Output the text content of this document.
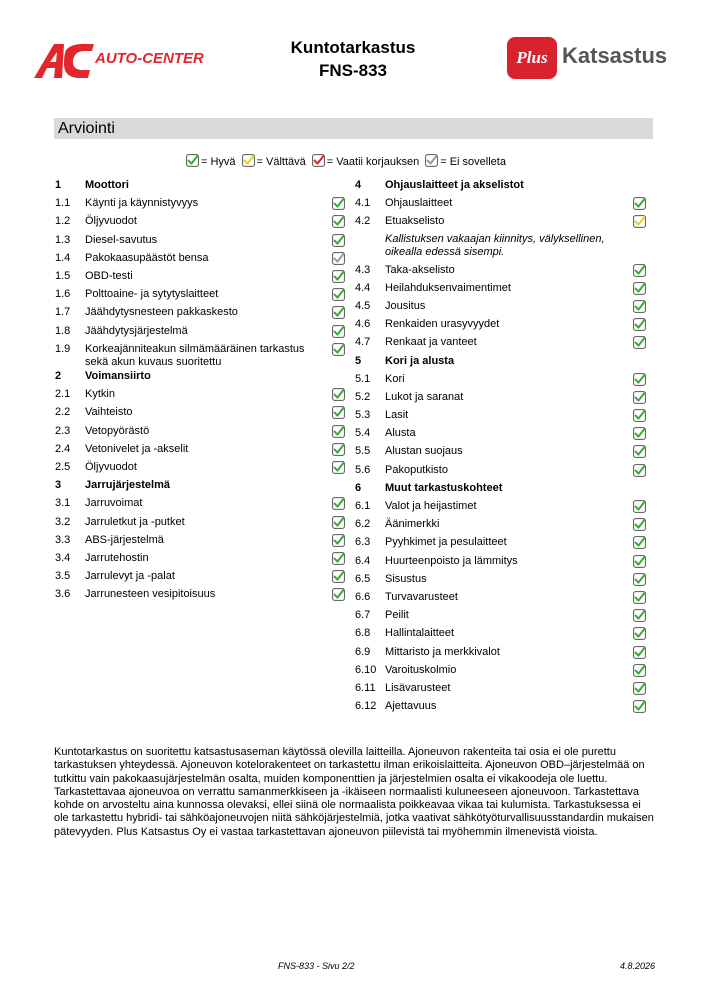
AUTO-CENTER
Kuntotarkastus
FNS-833
Plus Katsastus
Arviointi
= Hyvä = Välttävä = Vaatii korjauksen = Ei sovelleta
1 Moottori
1.1 Käynti ja käynnistyvyys
1.2 Öljyvuodot
1.3 Diesel-savutus
1.4 Pakokaasupäästöt bensa
1.5 OBD-testi
1.6 Polttoaine- ja sytytyslaitteet
1.7 Jäähdytysnesteen pakkaskesto
1.8 Jäähdytysjärjestelmä
1.9 Korkeajänniteakun silmämääräinen tarkastus sekä akun kuvaus suoritettu
2 Voimansiirto
2.1 Kytkin
2.2 Vaihteisto
2.3 Vetopyörästö
2.4 Vetonivelet ja -akselit
2.5 Öljyvuodot
3 Jarrujärjestelmä
3.1 Jarruvoimat
3.2 Jarruletkut ja -putket
3.3 ABS-järjestelmä
3.4 Jarrutehostin
3.5 Jarrulevyt ja -palat
3.6 Jarrunesteen vesipitoisuus
4 Ohjauslaitteet ja akselistot
4.1 Ohjauslaitteet
4.2 Etuakselisto
Kallistuksen vakaajan kiinnitys, välyksellinen, oikealla edessä sisempi.
4.3 Taka-akselisto
4.4 Heilahduksenvaimentimet
4.5 Jousitus
4.6 Renkaiden urasyvyydet
4.7 Renkaat ja vanteet
5 Kori ja alusta
5.1 Kori
5.2 Lukot ja saranat
5.3 Lasit
5.4 Alusta
5.5 Alustan suojaus
5.6 Pakoputkisto
6 Muut tarkastuskohteet
6.1 Valot ja heijastimet
6.2 Äänimerkki
6.3 Pyyhkimet ja pesulaitteet
6.4 Huurteenpoisto ja lämmitys
6.5 Sisustus
6.6 Turvavarusteet
6.7 Peilit
6.8 Hallintalaitteet
6.9 Mittaristo ja merkkivalot
6.10 Varoituskolmio
6.11 Lisävarusteet
6.12 Ajettavuus
Kuntotarkastus on suoritettu katsastusaseman käytössä olevilla laitteilla. Ajoneuvon rakenteita tai osia ei ole purettu tarkastuksen yhteydessä. Ajoneuvon kotelorakenteet on tarkastettu ilman erikoislaitteita. Ajoneuvon OBD–järjestelmää on tutkittu vain pakokaasujärjestelmän osalta, muiden komponenttien ja järjestelmien osalta ei vikakoodeja ole luettu. Tarkastettavaa ajoneuvoa on verrattu samanmerkkiseen ja -ikäiseen normaalisti kuluneeseen ajoneuvoon. Tarkastettava kohde on arvosteltu aina kunnossa olevaksi, ellei siinä ole normaalista poikkeavaa vikaa tai kulumista. Tarkastuksessa ei ole tarkastettu hybridi- tai sähköajoneuvojen niitä sähköjärjestelmiä, jotka vaativat sähkötyöturvallisuusstandardin mukaisen pätevyyden. Plus Katsastus Oy ei vastaa tarkastettavan ajoneuvon piilevistä tai myöhemmin ilmenevistä vioista.
FNS-833 - Sivu 2/2	4.8.2026
